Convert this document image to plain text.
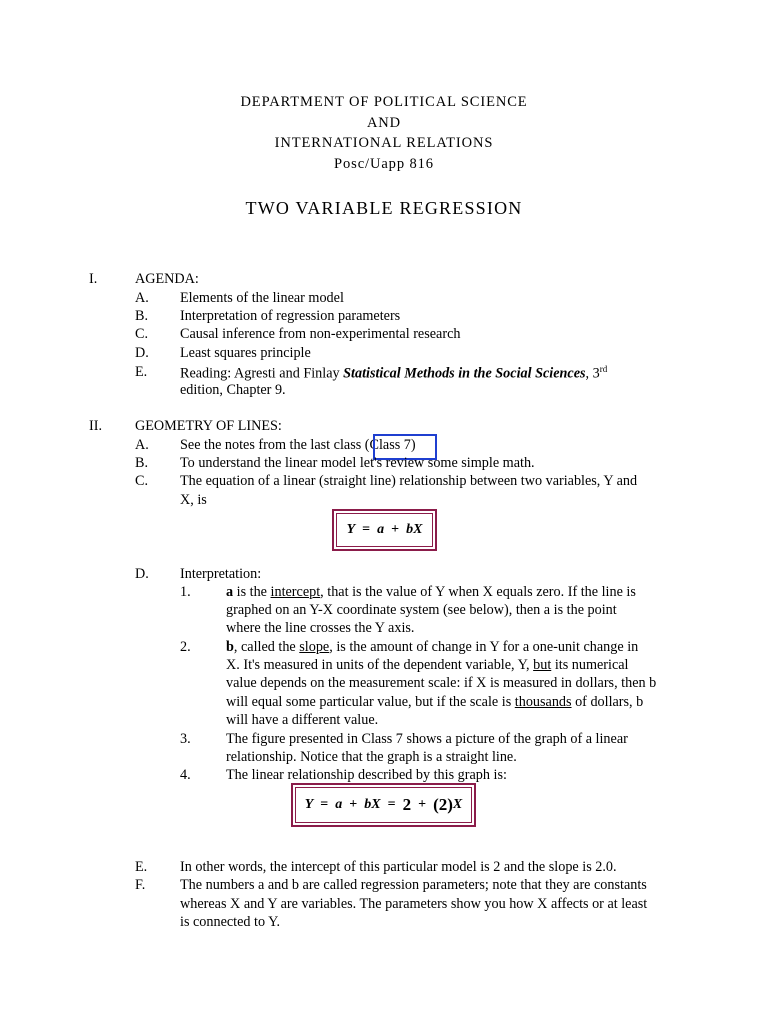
DEPARTMENT OF POLITICAL SCIENCE
AND
INTERNATIONAL RELATIONS
Posc/Uapp 816
TWO VARIABLE REGRESSION
I.	AGENDA:
A. Elements of the linear model
B. Interpretation of regression parameters
C. Causal inference from non-experimental research
D. Least squares principle
E. Reading: Agresti and Finlay Statistical Methods in the Social Sciences, 3rd
edition, Chapter 9.
II. GEOMETRY OF LINES:
A. See the notes from the last class (Class 7)
B. To understand the linear model let's review some simple math.
C. The equation of a linear (straight line) relationship between two variables, Y and
X, is
Y
=
a
+
bX
D. Interpretation:
1. a is the intercept, that is the value of Y when X equals zero. If the line is
graphed on an Y-X coordinate system (see below), then a is the point
where the line crosses the Y axis.
2. b, called the slope, is the amount of change in Y for a one-unit change in
X. It's measured in units of the dependent variable, Y, but its numerical
value depends on the measurement scale: if X is measured in dollars, then b
will equal some particular value, but if the scale is thousands of dollars, b
will have a different value.
3. The figure presented in Class 7 shows a picture of the graph of a linear
relationship. Notice that the graph is a straight line.
4. The linear relationship described by this graph is:
Y
=
a
+
bX
=
2
+
(2) X
E. In other words, the intercept of this particular model is 2 and the slope is 2.0.
F. The numbers a and b are called regression parameters; note that they are constants
whereas X and Y are variables. The parameters show you how X affects or at least
is connected to Y.
